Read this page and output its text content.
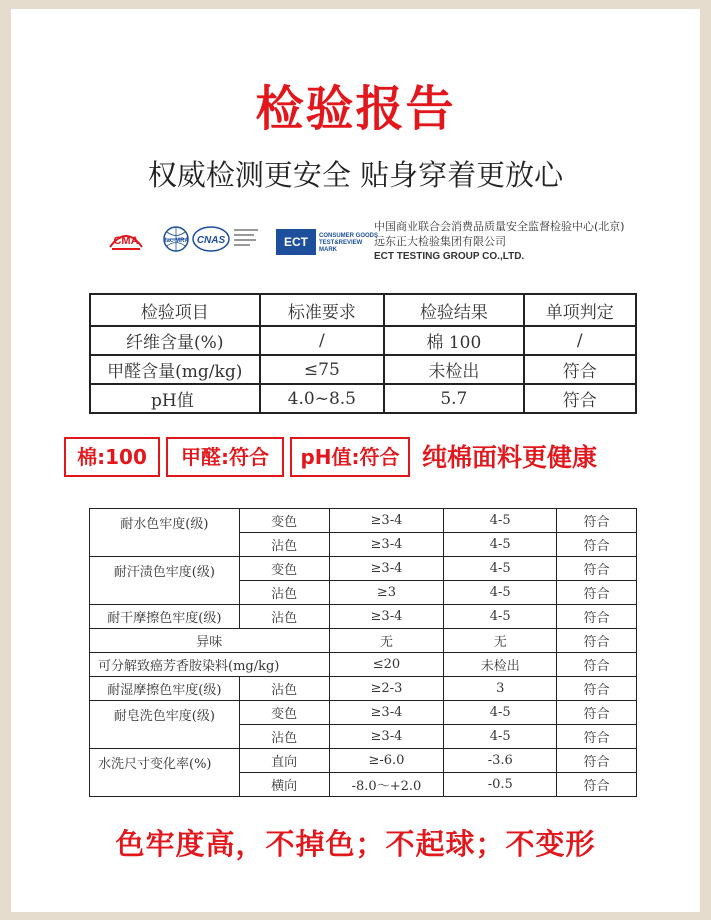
检验报告
权威检测更安全 贴身穿着更放心
CMA	ilac-MRA CNAS	ECT	CONSUMER GOODS TEST&REVIEW MARK
中国商业联合会消费品质量安全监督检验中心(北京)
远东正大检验集团有限公司
ECT TESTING GROUP CO.,LTD.
检验项目	标准要求	检验结果	单项判定
纤维含量(%)	/	棉 100	/
甲醛含量(mg/kg)	≤75	未检出	符合
pH值	4.0~8.5	5.7	符合
棉:100	甲醛:符合	pH值:符合 纯棉面料更健康
耐水色牢度(级)	变色	≥3-4	4-5	符合
	沾色	≥3-4	4-5	符合
耐汗渍色牢度(级)	变色	≥3-4	4-5	符合
	沾色	≥3	4-5	符合
耐干摩擦色牢度(级)	沾色	≥3-4	4-5	符合
异味		无	无	符合
可分解致癌芳香胺染料(mg/kg)		≤20	未检出	符合
耐湿摩擦色牢度(级)	沾色	≥2-3	3	符合
耐皂洗色牢度(级)	变色	≥3-4	4-5	符合
	沾色	≥3-4	4-5	符合
水洗尺寸变化率(%)	直向	≥-6.0	-3.6	符合
	横向	-8.0～+2.0	-0.5	符合
色牢度高，不掉色；不起球；不变形
